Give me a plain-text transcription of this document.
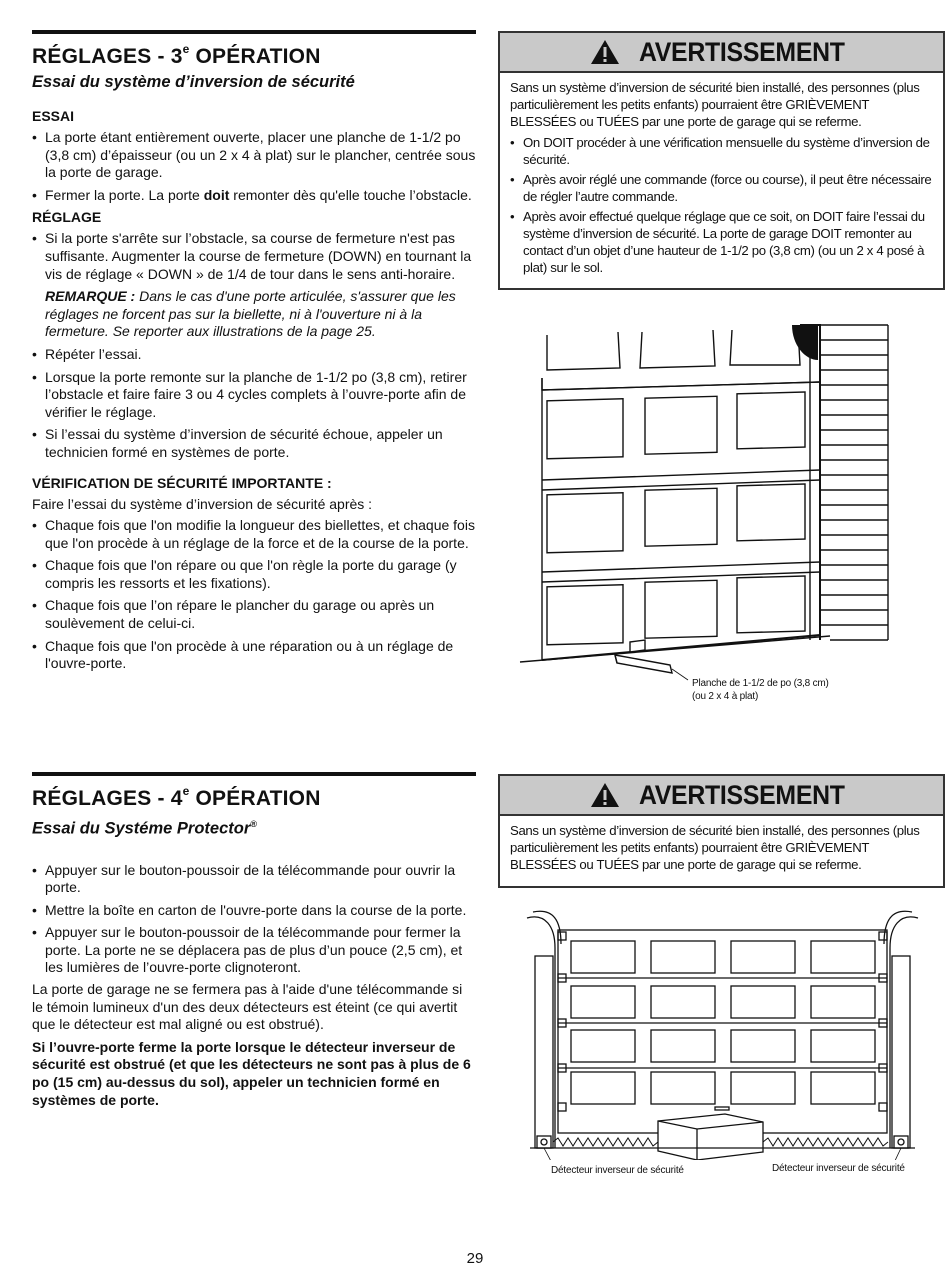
RÉGLAGES - 3e OPÉRATION
Essai du système d’inversion de sécurité
ESSAI
• La porte étant entièrement ouverte, placer une planche de 1-1/2 po (3,8 cm) d’épaisseur (ou un 2 x 4 à plat) sur le plancher, centrée sous la porte de garage.
• Fermer la porte. La porte doit remonter dès qu'elle touche l’obstacle.
RÉGLAGE
• Si la porte s'arrête sur l’obstacle, sa course de fermeture n'est pas suffisante. Augmenter la course de fermeture (DOWN) en tournant la vis de réglage « DOWN » de 1/4 de tour dans le sens anti-horaire.
REMARQUE : Dans le cas d'une porte articulée, s'assurer que les réglages ne forcent pas sur la biellette, ni à l'ouverture ni à la fermeture. Se reporter aux illustrations de la page 25.
• Répéter l’essai.
• Lorsque la porte remonte sur la planche de 1-1/2 po (3,8 cm), retirer l’obstacle et faire faire 3 ou 4 cycles complets à l’ouvre-porte afin de vérifier le réglage.
• Si l’essai du système d’inversion de sécurité échoue, appeler un technicien formé en systèmes de porte.
VÉRIFICATION DE SÉCURITÉ IMPORTANTE :
Faire l’essai du système d’inversion de sécurité après :
• Chaque fois que l'on modifie la longueur des biellettes, et chaque fois que l'on procède à un réglage de la force et de la course de la porte.
• Chaque fois que l'on répare ou que l'on règle la porte du garage (y compris les ressorts et les fixations).
• Chaque fois que l’on répare le plancher du garage ou après un soulèvement de celui-ci.
• Chaque fois que l'on procède à une réparation ou à un réglage de l'ouvre-porte.
AVERTISSEMENT
Sans un système d’inversion de sécurité bien installé, des personnes (plus particulièrement les petits enfants) pourraient être GRIÈVEMENT BLESSÉES ou TUÉES par une porte de garage qui se referme.
• On DOIT procéder à une vérification mensuelle du système d’inversion de sécurité.
• Après avoir réglé une commande (force ou course), il peut être nécessaire de régler l’autre commande.
• Après avoir effectué quelque réglage que ce soit, on DOIT faire l’essai du système d’inversion de sécurité. La porte de garage DOIT remonter au contact d’un objet d’une hauteur de 1-1/2 po (3,8 cm) (ou un 2 x 4 posé à plat) sur le sol.
Planche de 1-1/2 de po (3,8 cm)
(ou 2 x 4 à plat)
RÉGLAGES - 4e OPÉRATION
Essai du Systéme Protector®
• Appuyer sur le bouton-poussoir de la télécommande pour ouvrir la porte.
• Mettre la boîte en carton de l'ouvre-porte dans la course de la porte.
• Appuyer sur le bouton-poussoir de la télécommande pour fermer la porte. La porte ne se déplacera pas de plus d’un pouce (2,5 cm), et les lumières de l’ouvre-porte clignoteront.
La porte de garage ne se fermera pas à l'aide d'une télécommande si le témoin lumineux d'un des deux détecteurs est éteint (ce qui avertit que le détecteur est mal aligné ou est obstrué).
Si l’ouvre-porte ferme la porte lorsque le détecteur inverseur de sécurité est obstrué (et que les détecteurs ne sont pas à plus de 6 po (15 cm) au-dessus du sol), appeler un technicien formé en systèmes de porte.
AVERTISSEMENT
Sans un système d’inversion de sécurité bien installé, des personnes (plus particulièrement les petits enfants) pourraient être GRIÈVEMENT BLESSÉES ou TUÉES par une porte de garage qui se referme.
Détecteur inverseur de sécurité	Détecteur inverseur de sécurité
29
